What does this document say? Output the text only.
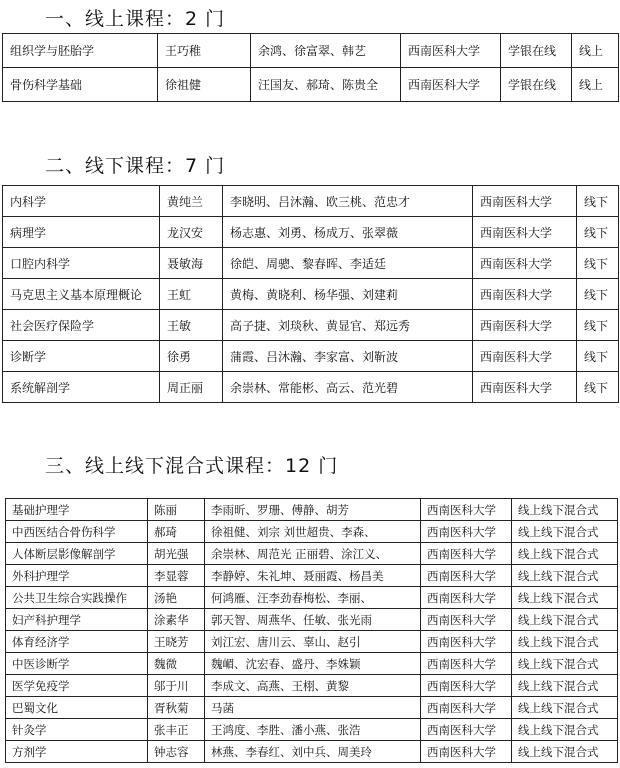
一、线上课程：2 门
组织学与胚胎学	王巧稚	余鸿、徐富翠、韩艺	西南医科大学	学银在线	线上
骨伤科学基础	徐祖健	汪国友、郝琦、陈贵全	西南医科大学	学银在线	线上
二、线下课程：7 门
内科学	黄纯兰	李晓明、吕沐瀚、欧三桃、范忠才	西南医科大学	线下
病理学	龙汉安	杨志惠、刘勇、杨成万、张翠薇	西南医科大学	线下
口腔内科学	聂敏海	徐皑、周骢、黎春晖、李适廷	西南医科大学	线下
马克思主义基本原理概论	王虹	黄梅、黄晓利、杨华强、刘建莉	西南医科大学	线下
社会医疗保险学	王敏	高子捷、刘琰秋、黄显官、郑远秀	西南医科大学	线下
诊断学	徐勇	蒲霞、吕沐瀚、李家富、刘靳波	西南医科大学	线下
系统解剖学	周正丽	余崇林、常能彬、高云、范光碧	西南医科大学	线下
三、线上线下混合式课程：12 门
基础护理学	陈丽	李雨昕、罗珊、傅静、胡芳	西南医科大学	线上线下混合式
中西医结合骨伤科学	郝琦	徐祖健、刘宗 刘世超贵、李森、	西南医科大学	线上线下混合式
人体断层影像解剖学	胡光强	余崇林、周范光 正丽碧、涂江义、	西南医科大学	线上线下混合式
外科护理学	李显蓉	李静婷、朱礼坤、聂丽霞、杨昌美	西南医科大学	线上线下混合式
公共卫生综合实践操作	汤艳	何鸿雁、汪李劲春梅松、李丽、	西南医科大学	线上线下混合式
妇产科护理学	涂素华	郭天智、周燕华、任敏、张光雨	西南医科大学	线上线下混合式
体育经济学	王晓芳	刘江宏、唐川云、辜山、赵引	西南医科大学	线上线下混合式
中医诊断学	魏微	魏嵋、沈宏春、盛丹、李姝颖	西南医科大学	线上线下混合式
医学免疫学	邬于川	李成文、高燕、王栩、黄黎	西南医科大学	线上线下混合式
巴蜀文化	胥秋菊	马菡	西南医科大学	线上线下混合式
针灸学	张丰正	王鸿度、李胜、潘小燕、张浩	西南医科大学	线上线下混合式
方剂学	钟志容	林燕、李春红、刘中兵、周美玲	西南医科大学	线上线下混合式
